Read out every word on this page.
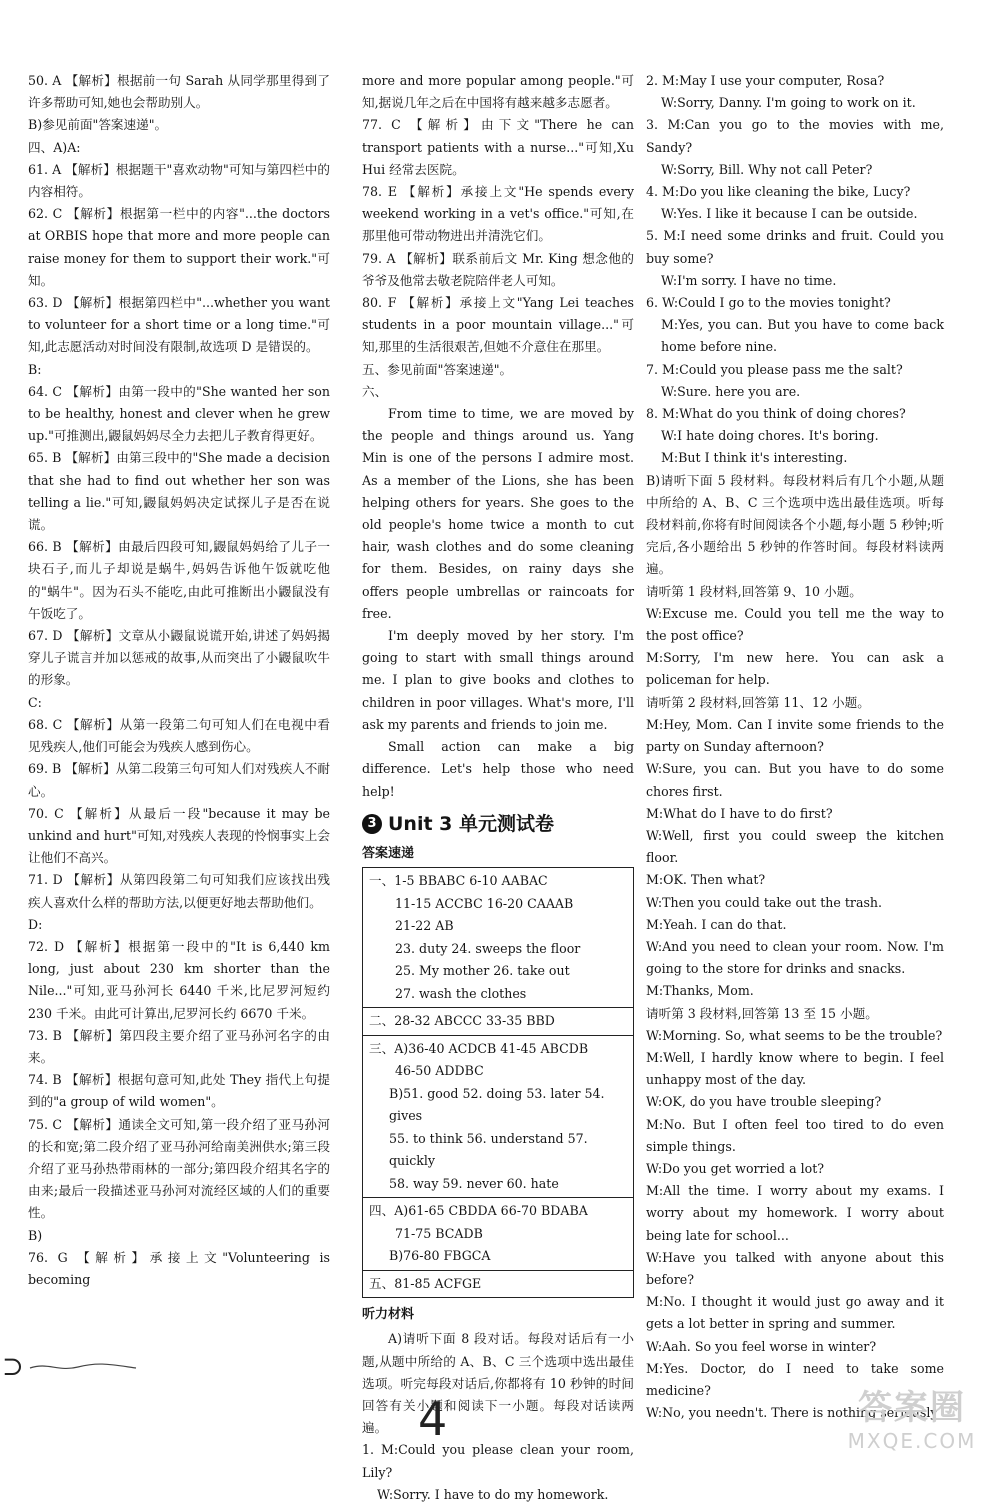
50. A 【解析】根据前一句 Sarah 从同学那里得到了许多帮助可知,她也会帮助别人。
B)参见前面"答案速递"。
四、A)A:
61. A 【解析】根据题干"喜欢动物"可知与第四栏中的内容相符。
62. C 【解析】根据第一栏中的内容"...the doctors at ORBIS hope that more and more people can raise money for them to support their work."可知。
63. D 【解析】根据第四栏中"...whether you want to volunteer for a short time or a long time."可知,此志愿活动对时间没有限制,故选项 D 是错误的。
B:
64. C 【解析】由第一段中的"She wanted her son to be healthy, honest and clever when he grew up."可推测出,鼹鼠妈妈尽全力去把儿子教育得更好。
65. B 【解析】由第三段中的"She made a decision that she had to find out whether her son was telling a lie."可知,鼹鼠妈妈决定试探儿子是否在说谎。
66. B 【解析】由最后四段可知,鼹鼠妈妈给了儿子一块石子,而儿子却说是蜗牛,妈妈告诉他午饭就吃他的"蜗牛"。因为石头不能吃,由此可推断出小鼹鼠没有午饭吃了。
67. D 【解析】文章从小鼹鼠说谎开始,讲述了妈妈揭穿儿子谎言并加以惩戒的故事,从而突出了小鼹鼠吹牛的形象。
C:
68. C 【解析】从第一段第二句可知人们在电视中看见残疾人,他们可能会为残疾人感到伤心。
69. B 【解析】从第二段第三句可知人们对残疾人不耐心。
70. C 【解析】从最后一段"because it may be unkind and hurt"可知,对残疾人表现的怜悯事实上会让他们不高兴。
71. D 【解析】从第四段第二句可知我们应该找出残疾人喜欢什么样的帮助方法,以便更好地去帮助他们。
D:
72. D 【解析】根据第一段中的"It is 6,440 km long, just about 230 km shorter than the Nile..."可知,亚马孙河长 6440 千米,比尼罗河短约 230 千米。由此可计算出,尼罗河长约 6670 千米。
73. B 【解析】第四段主要介绍了亚马孙河名字的由来。
74. B 【解析】根据句意可知,此处 They 指代上句提到的"a group of wild women"。
75. C 【解析】通读全文可知,第一段介绍了亚马孙河的长和宽;第二段介绍了亚马孙河给南美洲供水;第三段介绍了亚马孙热带雨林的一部分;第四段介绍其名字的由来;最后一段描述亚马孙河对流经区域的人们的重要性。
B)
76. G 【解析】承接上文"Volunteering is becoming
more and more popular among people."可知,据说几年之后在中国将有越来越多志愿者。
77. C 【解析】由下文"There he can transport patients with a nurse..."可知,Xu Hui 经常去医院。
78. E 【解析】承接上文"He spends every weekend working in a vet's office."可知,在那里他可带动物进出并清洗它们。
79. A 【解析】联系前后文 Mr. King 想念他的爷爷及他常去敬老院陪伴老人可知。
80. F 【解析】承接上文"Yang Lei teaches students in a poor mountain village..."可知,那里的生活很艰苦,但她不介意住在那里。
五、参见前面"答案速递"。
六、
From time to time, we are moved by the people and things around us. Yang Min is one of the persons I admire most. As a member of the Lions, she has been helping others for years. She goes to the old people's home twice a month to cut hair, wash clothes and do some cleaning for them. Besides, on rainy days she offers people umbrellas or raincoats for free.
I'm deeply moved by her story. I'm going to start with small things around me. I plan to give books and clothes to children in poor villages. What's more, I'll ask my parents and friends to join me.
Small action can make a big difference. Let's help those who need help!
3 Unit 3 单元测试卷
答案速递
一、1-5 BBABC 6-10 AABAC
11-15 ACCBC 16-20 CAAAB
21-22 AB
23. duty 24. sweeps the floor
25. My mother 26. take out
27. wash the clothes
二、28-32 ABCCC 33-35 BBD
三、A)36-40 ACDCB 41-45 ABCDB
46-50 ADDBC
B)51. good 52. doing 53. later 54. gives
55. to think 56. understand 57. quickly
58. way 59. never 60. hate
四、A)61-65 CBDDA 66-70 BDABA
71-75 BCADB
B)76-80 FBGCA
五、81-85 ACFGE
听力材料
A)请听下面 8 段对话。每段对话后有一小题,从题中所给的 A、B、C 三个选项中选出最佳选项。听完每段对话后,你都将有 10 秒钟的时间回答有关小题和阅读下一小题。每段对话读两遍。
1. M:Could you please clean your room, Lily?
W:Sorry. I have to do my homework.
2. M:May I use your computer, Rosa?
W:Sorry, Danny. I'm going to work on it.
3. M:Can you go to the movies with me, Sandy?
W:Sorry, Bill. Why not call Peter?
4. M:Do you like cleaning the bike, Lucy?
W:Yes. I like it because I can be outside.
5. M:I need some drinks and fruit. Could you buy some?
W:I'm sorry. I have no time.
6. W:Could I go to the movies tonight?
M:Yes, you can. But you have to come back home before nine.
7. M:Could you please pass me the salt?
W:Sure. here you are.
8. M:What do you think of doing chores?
W:I hate doing chores. It's boring.
M:But I think it's interesting.
B)请听下面 5 段材料。每段材料后有几个小题,从题中所给的 A、B、C 三个选项中选出最佳选项。听每段材料前,你将有时间阅读各个小题,每小题 5 秒钟;听完后,各小题给出 5 秒钟的作答时间。每段材料读两遍。
请听第 1 段材料,回答第 9、10 小题。
W:Excuse me. Could you tell me the way to the post office?
M:Sorry, I'm new here. You can ask a policeman for help.
请听第 2 段材料,回答第 11、12 小题。
M:Hey, Mom. Can I invite some friends to the party on Sunday afternoon?
W:Sure, you can. But you have to do some chores first.
M:What do I have to do first?
W:Well, first you could sweep the kitchen floor.
M:OK. Then what?
W:Then you could take out the trash.
M:Yeah. I can do that.
W:And you need to clean your room. Now. I'm going to the store for drinks and snacks.
M:Thanks, Mom.
请听第 3 段材料,回答第 13 至 15 小题。
W:Morning. So, what seems to be the trouble?
M:Well, I hardly know where to begin. I feel unhappy most of the day.
W:OK, do you have trouble sleeping?
M:No. But I often feel too tired to do even simple things.
W:Do you get worried a lot?
M:All the time. I worry about my exams. I worry about my homework. I worry about being late for school...
W:Have you talked with anyone about this before?
M:No. I thought it would just go away and it gets a lot better in spring and summer.
W:Aah. So you feel worse in winter?
M:Yes. Doctor, do I need to take some medicine?
W:No, you needn't. There is nothing seriously
⊃
4	答案圈
MXQE.COM
